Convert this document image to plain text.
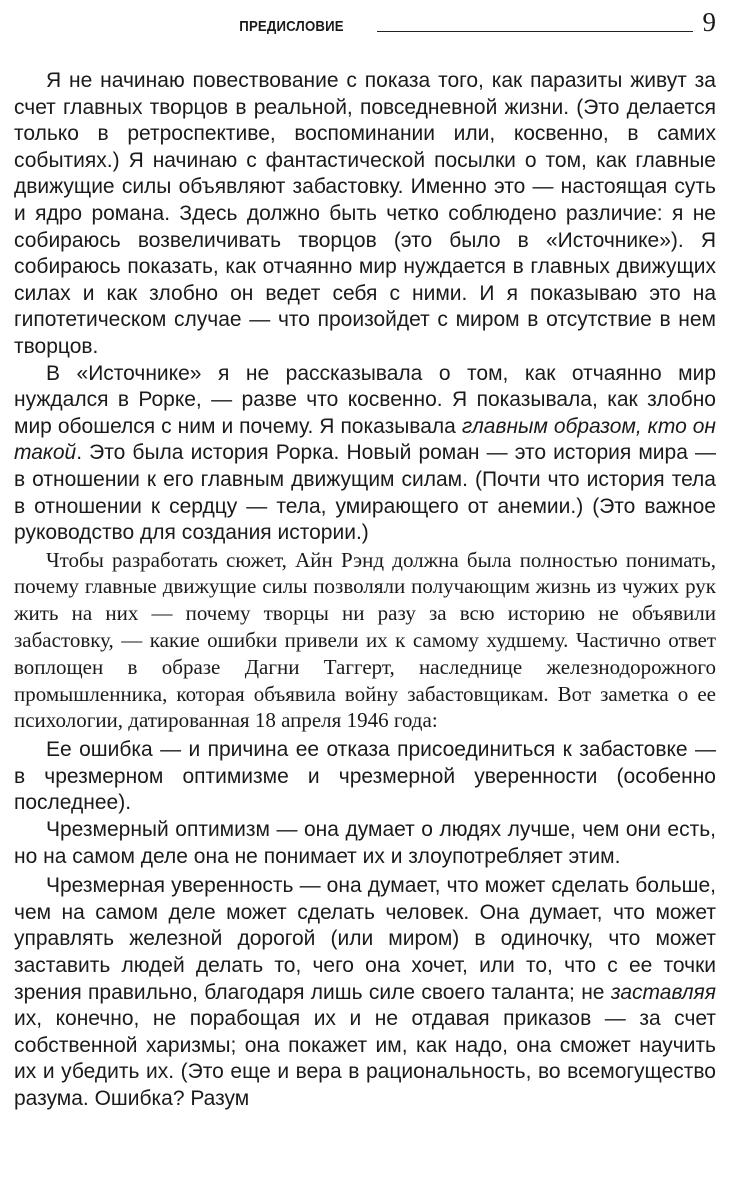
ПРЕДИСЛОВИЕ	9

Я не начинаю повествование с показа того, как паразиты живут за счет главных творцов в реальной, повседневной жизни. (Это делается только в ретроспективе, воспоминании или, косвенно, в самих событиях.) Я начинаю с фантастической посылки о том, как главные движущие силы объявляют забастовку. Именно это — настоящая суть и ядро романа. Здесь должно быть четко соблюдено различие: я не собираюсь возвеличивать творцов (это было в «Источнике»). Я собираюсь показать, как отчаянно мир нуждается в главных движущих силах и как злобно он ведет себя с ними. И я показываю это на гипотетическом случае — что произойдет с миром в отсутствие в нем творцов.

В «Источнике» я не рассказывала о том, как отчаянно мир нуждался в Рорке, — разве что косвенно. Я показывала, как злобно мир обошелся с ним и почему. Я показывала главным образом, кто он такой. Это была история Рорка. Новый роман — это история мира — в отношении к его главным движущим силам. (Почти что история тела в отношении к сердцу — тела, умирающего от анемии.) (Это важное руководство для создания истории.)

Чтобы разработать сюжет, Айн Рэнд должна была полностью понимать, почему главные движущие силы позволяли получающим жизнь из чужих рук жить на них — почему творцы ни разу за всю историю не объявили забастовку, — какие ошибки привели их к самому худшему. Частично ответ воплощен в образе Дагни Таггерт, наследнице железнодорожного промышленника, которая объявила войну забастовщикам. Вот заметка о ее психологии, датированная 18 апреля 1946 года:

Ее ошибка — и причина ее отказа присоединиться к забастовке — в чрезмерном оптимизме и чрезмерной уверенности (особенно последнее).

Чрезмерный оптимизм — она думает о людях лучше, чем они есть, но на самом деле она не понимает их и злоупотребляет этим.

Чрезмерная уверенность — она думает, что может сделать больше, чем на самом деле может сделать человек. Она думает, что может управлять железной дорогой (или миром) в одиночку, что может заставить людей делать то, чего она хочет, или то, что с ее точки зрения правильно, благодаря лишь силе своего таланта; не заставляя их, конечно, не порабощая их и не отдавая приказов — за счет собственной харизмы; она покажет им, как надо, она сможет научить их и убедить их. (Это еще и вера в рациональность, во всемогущество разума. Ошибка? Разум
